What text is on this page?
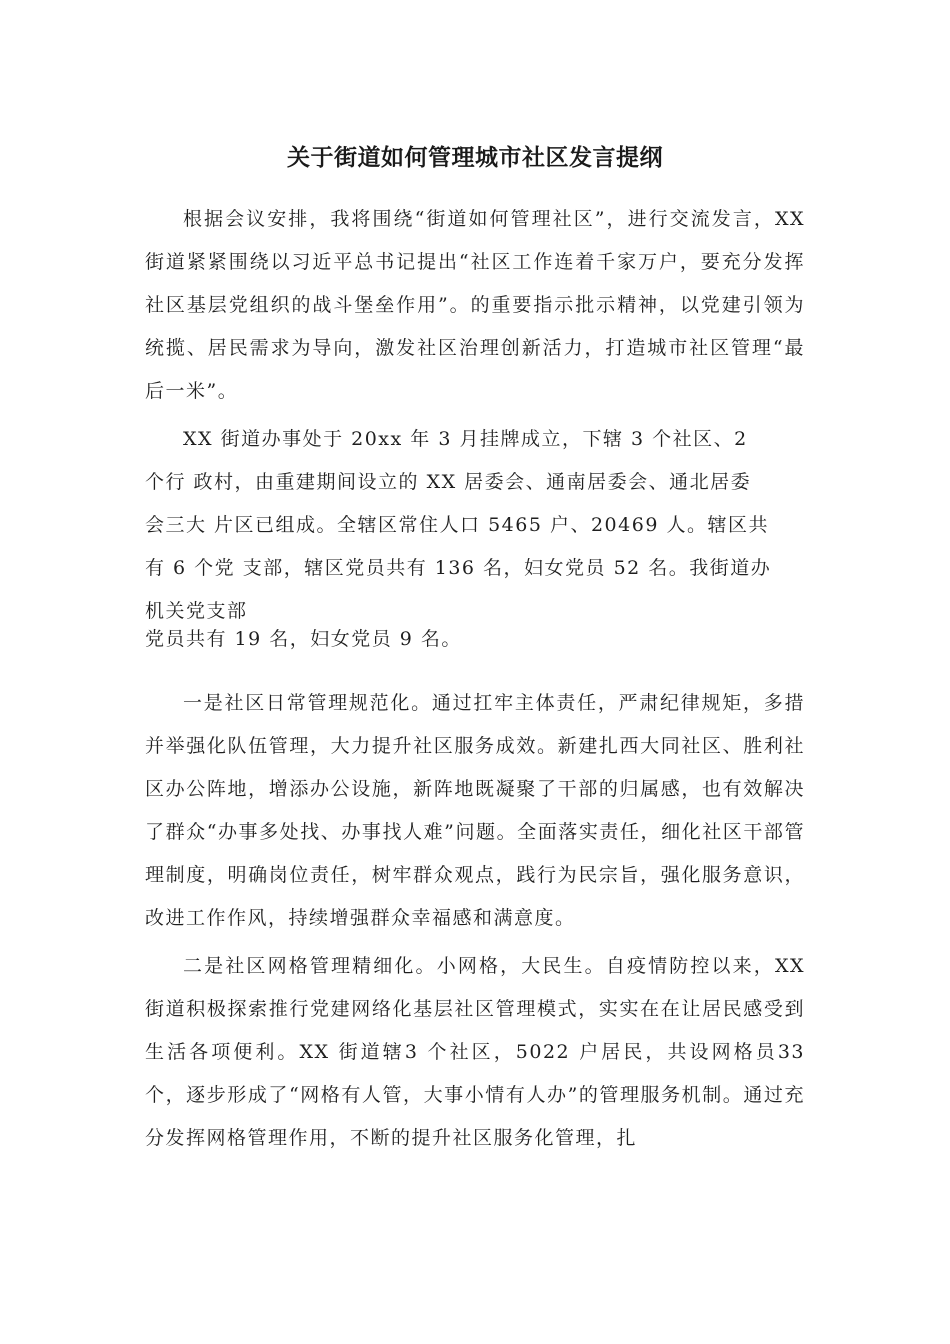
关于街道如何管理城市社区发言提纲
根据会议安排，我将围绕“街道如何管理社区”，进行交流发言，XX 街道紧紧围绕以习近平总书记提出“社区工作连着千家万户，要充分发挥社区基层党组织的战斗堡垒作用”。的重要指示批示精神，以党建引领为统揽、居民需求为导向，激发社区治理创新活力，打造城市社区管理“最后一米”。
XX 街道办事处于 20xx 年 3 月挂牌成立，下辖 3 个社区、2
个行 政村，由重建期间设立的 XX 居委会、通南居委会、通北居委
会三大 片区已组成。全辖区常住人口 5465 户、20469 人。辖区共
有 6 个党 支部，辖区党员共有 136 名，妇女党员 52 名。我街道办
机关党支部
党员共有 19 名，妇女党员 9 名。
一是社区日常管理规范化。通过扛牢主体责任，严肃纪律规矩，多措并举强化队伍管理，大力提升社区服务成效。新建扎西大同社区、胜利社区办公阵地，增添办公设施，新阵地既凝聚了干部的归属感，也有效解决了群众“办事多处找、办事找人难”问题。全面落实责任，细化社区干部管理制度，明确岗位责任，树牢群众观点，践行为民宗旨，强化服务意识，改进工作作风，持续增强群众幸福感和满意度。
二是社区网格管理精细化。小网格，大民生。自疫情防控以来，XX 街道积极探索推行党建网络化基层社区管理模式，实实在在让居民感受到生活各项便利。XX 街道辖3 个社区，5022 户居民，共设网格员33 个，逐步形成了“网格有人管，大事小情有人办”的管理服务机制。通过充分发挥网格管理作用，不断的提升社区服务化管理，扎
